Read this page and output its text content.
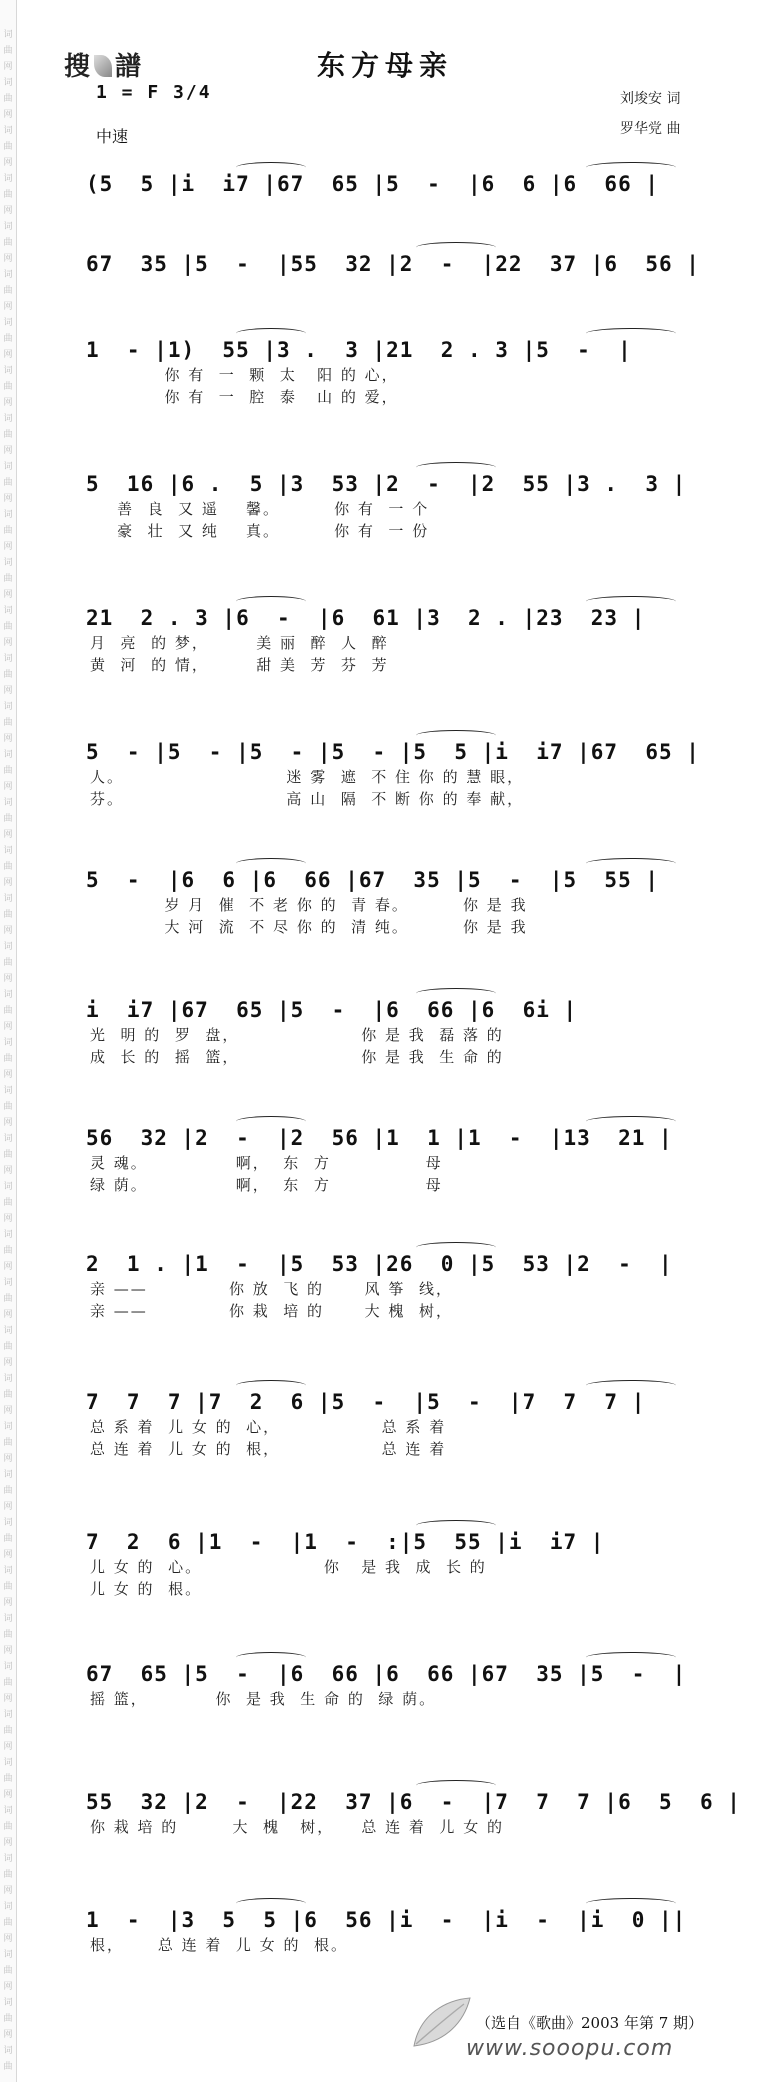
词
曲
网
词
曲
网
词
曲
网
词
曲
网
词
曲
网
词
曲
网
词
曲
网
词
曲
网
词
曲
网
词
曲
网
词
曲
网
词
曲
网
词
曲
网
词
曲
网
词
曲
网
词
曲
网
词
曲
网
词
曲
网
词
曲
网
词
曲
网
词
曲
网
词
曲
网
词
曲
网
词
曲
网
词
曲
网
词
曲
网
词
曲
网
词
曲
网
词
曲
网
词
曲
网
词
曲
网
词
曲
网
词
曲
网
词
曲
网
词
曲
网
词
曲
网
词
曲
网
词
曲
网
词
曲
网
词
曲
网
词
曲
网
词
曲
网
词
曲
搜 譜	东方母亲
1 = F 3/4
中速
刘埈安 词
罗华党 曲
(5  5 |i  i7 |67  65 |5  -  |6  6 |6  66 |
67  35 |5  -  |55  32 |2  -  |22  37 |6  56 |
1  - |1)  55 |3 .  3 |21  2 . 3 |5  -  |
你 有  一  颗  太   阳 的 心，
你 有  一  腔  泰   山 的 爱，
5  16 |6 .  5 |3  53 |2  -  |2  55 |3 .  3 |
善  良  又 遥    馨。        你 有  一 个
豪  壮  又 纯    真。        你 有  一 份
21  2 . 3 |6  -  |6  61 |3  2 . |23  23 |
月  亮  的 梦，       美 丽  醉  人  醉
黄  河  的 情，       甜 美  芳  芬  芳
5  - |5  - |5  - |5  - |5  5 |i  i7 |67  65 |
人。                        迷 雾  遮  不 住 你 的 慧 眼，
芬。                        高 山  隔  不 断 你 的 奉 献，
5  -  |6  6 |6  66 |67  35 |5  -  |5  55 |
岁 月  催  不 老 你 的  青 春。        你 是 我
大 河  流  不 尽 你 的  清 纯。        你 是 我
i  i7 |67  65 |5  -  |6  66 |6  6i |
光  明 的  罗  盘，                  你 是 我  磊 落 的
成  长 的  摇  篮，                  你 是 我  生 命 的
56  32 |2  -  |2  56 |1  1 |1  -  |13  21 |
灵 魂。             啊，  东  方              母
绿 荫。             啊，  东  方              母
2  1 . |1  -  |5  53 |26  0 |5  53 |2  -  |
亲 ——            你 放  飞 的      风 筝  线，
亲 ——            你 栽  培 的      大 槐  树，
7  7  7 |7  2  6 |5  -  |5  -  |7  7  7 |
总 系 着  儿 女 的  心，               总 系 着
总 连 着  儿 女 的  根，               总 连 着
7  2  6 |1  -  |1  -  :|5  55 |i  i7 |
儿 女 的  心。                  你   是 我  成  长 的
儿 女 的  根。
67  65 |5  -  |6  66 |6  66 |67  35 |5  -  |
摇 篮，          你  是 我  生 命 的  绿 荫。
55  32 |2  -  |22  37 |6  -  |7  7  7 |6  5  6 |
你 栽 培 的        大  槐   树，    总 连 着  儿 女 的
1  -  |3  5  5 |6  56 |i  -  |i  -  |i  0 ||
根，     总 连 着  儿 女 的  根。
www.sooopu.com
（选自《歌曲》2003 年第 7 期）
